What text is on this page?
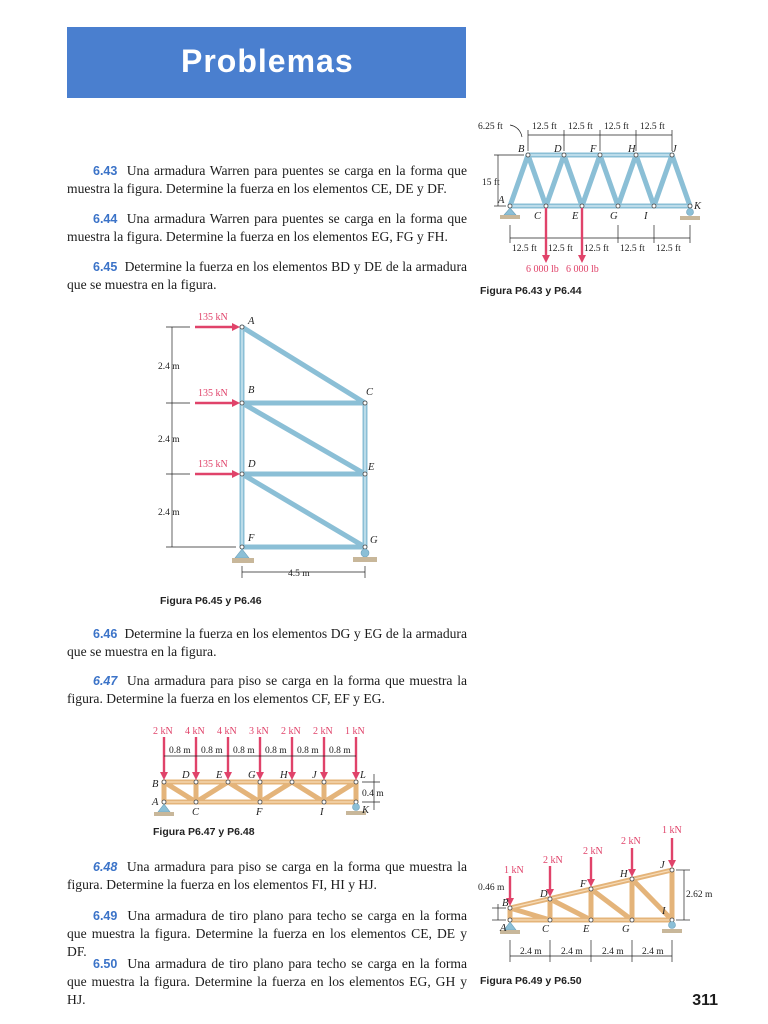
Problemas
6.43 Una armadura Warren para puentes se carga en la forma que muestra la figura. Determine la fuerza en los elementos CE, DE y DF.
6.44 Una armadura Warren para puentes se carga en la forma que muestra la figura. Determine la fuerza en los elementos EG, FG y FH.
6.45 Determine la fuerza en los elementos BD y DE de la armadura que se muestra en la figura.
6.46 Determine la fuerza en los elementos DG y EG de la armadura que se muestra en la figura.
6.47 Una armadura para piso se carga en la forma que muestra la figura. Determine la fuerza en los elementos CF, EF y EG.
6.48 Una armadura para piso se carga en la forma que muestra la figura. Determine la fuerza en los elementos FI, HI y HJ.
6.49 Una armadura de tiro plano para techo se carga en la forma que muestra la figura. Determine la fuerza en los elementos CE, DE y DF.
6.50 Una armadura de tiro plano para techo se carga en la forma que muestra la figura. Determine la fuerza en los elementos EG, GH y HJ.
6.25 ft	12.5 ft 12.5 ft 12.5 ft 12.5 ft
12.5 ft 12.5 ft 12.5 ft 12.5 ft 12.5 ft
15 ft
6 000 lb 6 000 lb
A
B
C
D
E
F
G
H
I
J
K
Figura P6.43 y P6.44
135 kN
135 kN
135 kN
2.4 m
2.4 m
2.4 m
4.5 m
A
B	C
D	E
F	G
Figura P6.45 y P6.46
2 kN 4 kN 4 kN 3 kN 2 kN 2 kN 1 kN
0.8 m 0.8 m 0.8 m 0.8 m 0.8 m 0.8 m
0.4 m
A
B
C
D	E
F
G H
I
J
K
L
Figura P6.47 y P6.48
1 kN
2 kN
2 kN
2 kN
1 kN
2.4 m 2.4 m 2.4 m 2.4 m
0.46 m
2.62 m
A
B
C
D
E
F
G
H
I
J
Figura P6.49 y P6.50
311
